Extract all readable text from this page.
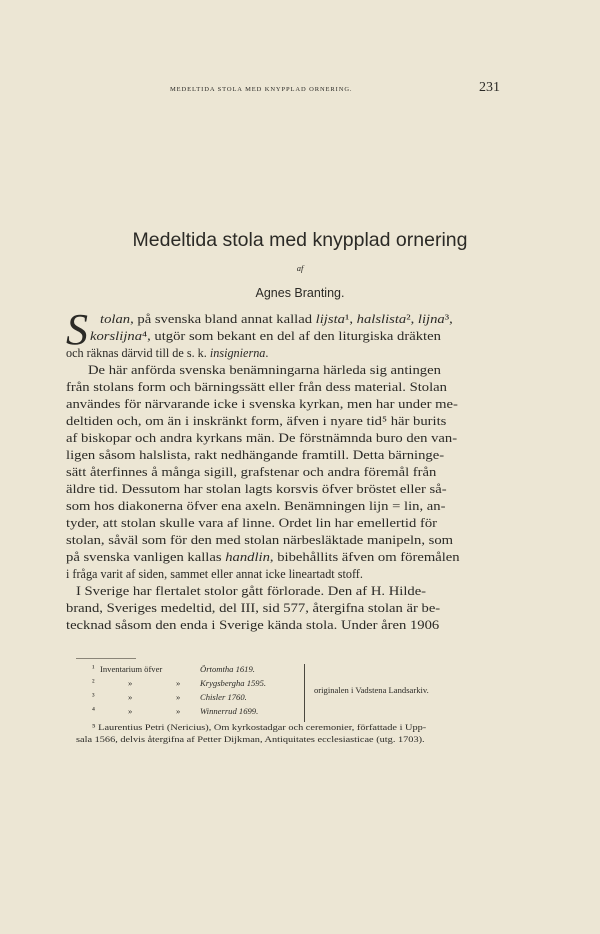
MEDELTIDA STOLA MED KNYPPLAD ORNERING.	231
Medeltida stola med knypplad ornering
af
Agnes Branting.
S tolan, på svenska bland annat kallad lijsta¹, halslista², lijna³,
korslijna⁴, utgör som bekant en del af den liturgiska dräkten
och räknas därvid till de s. k. insignierna.
De här anförda svenska benämningarna härleda sig antingen
från stolans form och bärningssätt eller från dess material. Stolan
användes för närvarande icke i svenska kyrkan, men har under me-
deltiden och, om än i inskränkt form, äfven i nyare tid⁵ här burits
af biskopar och andra kyrkans män. De förstnämnda buro den van-
ligen såsom halslista, rakt nedhängande framtill. Detta bärninge-
sätt återfinnes å många sigill, grafstenar och andra föremål från
äldre tid. Dessutom har stolan lagts korsvis öfver bröstet eller så-
som hos diakonerna öfver ena axeln. Benämningen lijn = lin, an-
tyder, att stolan skulle vara af linne. Ordet lin har emellertid för
stolan, såväl som för den med stolan närbesläktade manipeln, som
på svenska vanligen kallas handlin, bibehållits äfven om föremålen
i fråga varit af siden, sammet eller annat icke lineartadt stoff.
I Sverige har flertalet stolor gått förlorade. Den af H. Hilde-
brand, Sveriges medeltid, del III, sid 577, återgifna stolan är be-
tecknad såsom den enda i Sverige kända stola. Under åren 1906
¹ Inventarium öfver	Örtomtha 1619.
²	»	» Krygsbergha 1595.
³	»	» Chisler 1760.
⁴	»	» Winnerrud 1699.
originalen i Vadstena Landsarkiv.
⁵ Laurentius Petri (Nericius), Om kyrkostadgar och ceremonier, författade i Upp-
sala 1566, delvis återgifna af Petter Dijkman, Antiquitates ecclesiasticae (utg. 1703).
